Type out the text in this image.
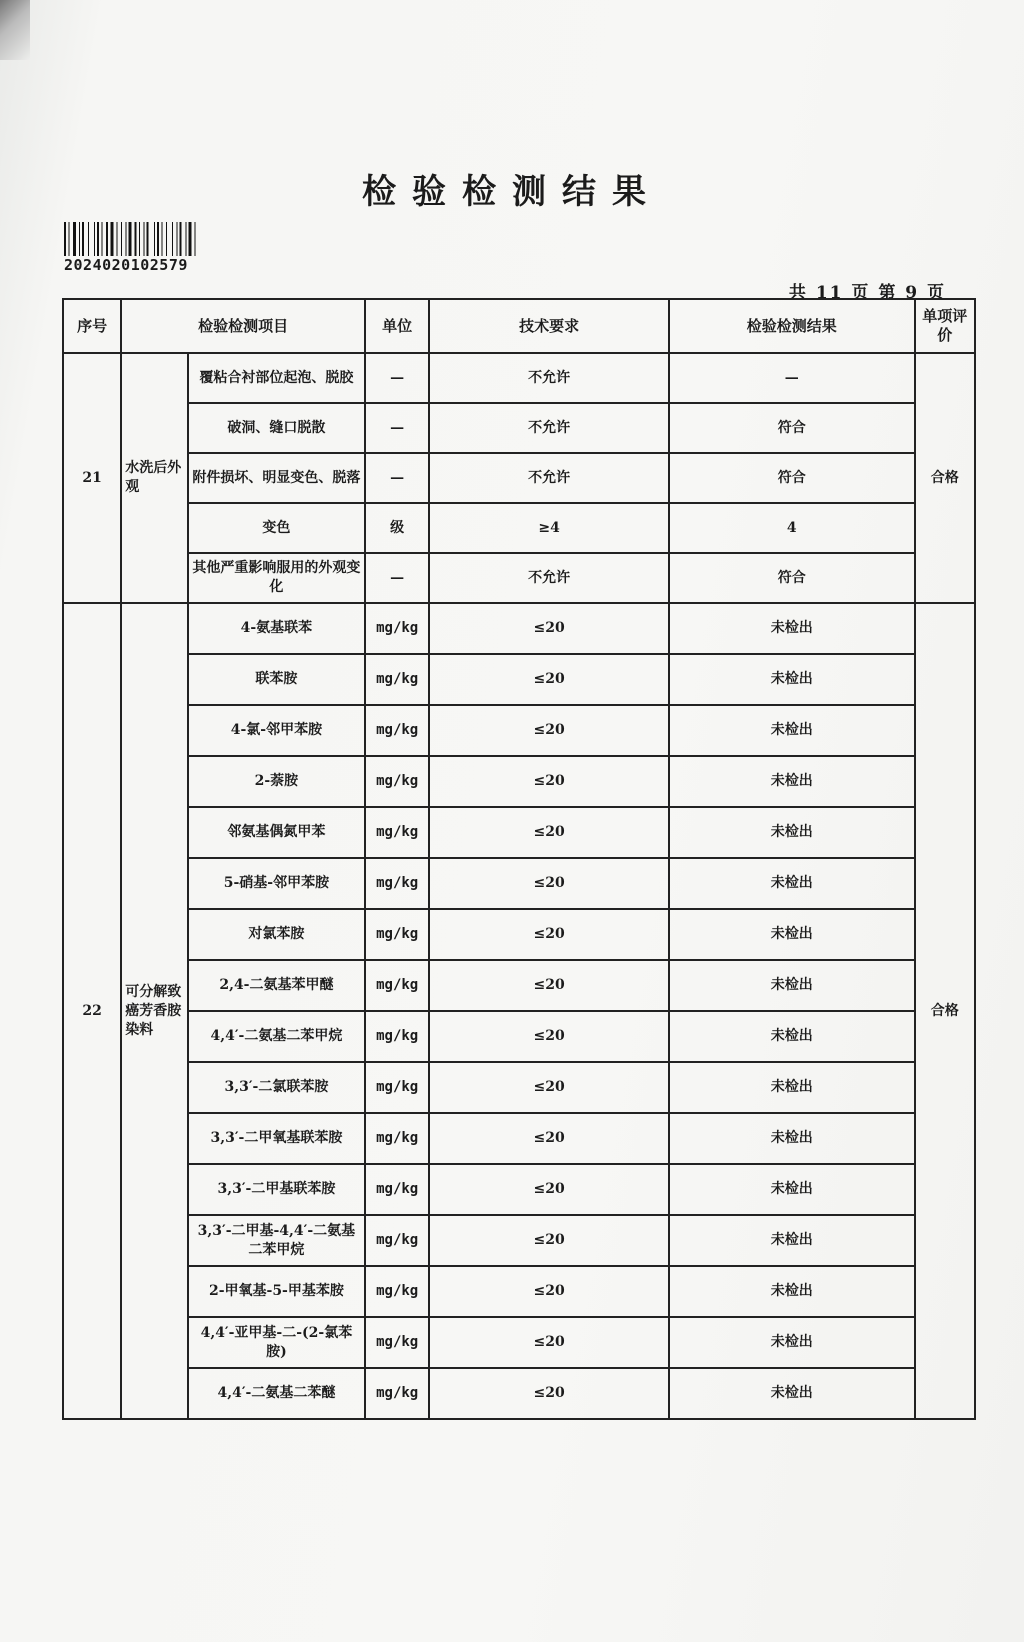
检验检测结果
2024020102579
共 11 页 第 9 页
序号	检验检测项目		单位	技术要求	检验检测结果	单项评价
21	水洗后外观	覆粘合衬部位起泡、脱胶	—	不允许	—	合格
		破洞、缝口脱散	—	不允许	符合	
		附件损坏、明显变色、脱落	—	不允许	符合	
		变色	级	≥4	4	
		其他严重影响服用的外观变化	—	不允许	符合	
22	可分解致癌芳香胺染料	4-氨基联苯	mg/kg	≤20	未检出	合格
		联苯胺	mg/kg	≤20	未检出	
		4-氯-邻甲苯胺	mg/kg	≤20	未检出	
		2-萘胺	mg/kg	≤20	未检出	
		邻氨基偶氮甲苯	mg/kg	≤20	未检出	
		5-硝基-邻甲苯胺	mg/kg	≤20	未检出	
		对氯苯胺	mg/kg	≤20	未检出	
		2,4-二氨基苯甲醚	mg/kg	≤20	未检出	
		4,4′-二氨基二苯甲烷	mg/kg	≤20	未检出	
		3,3′-二氯联苯胺	mg/kg	≤20	未检出	
		3,3′-二甲氧基联苯胺	mg/kg	≤20	未检出	
		3,3′-二甲基联苯胺	mg/kg	≤20	未检出	
		3,3′-二甲基-4,4′-二氨基二苯甲烷	mg/kg	≤20	未检出	
		2-甲氧基-5-甲基苯胺	mg/kg	≤20	未检出	
		4,4′-亚甲基-二-(2-氯苯胺)	mg/kg	≤20	未检出	
		4,4′-二氨基二苯醚	mg/kg	≤20	未检出	
